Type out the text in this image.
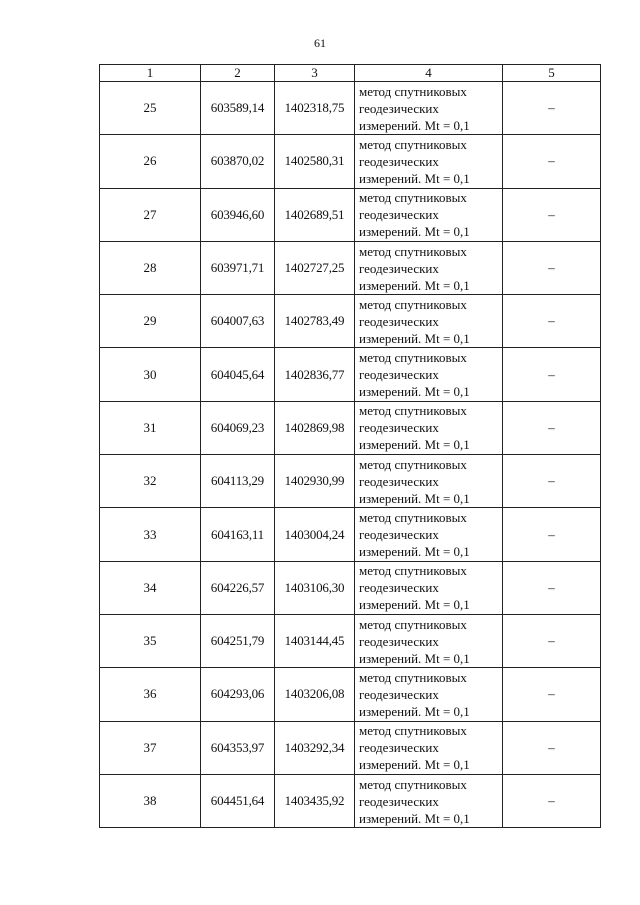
61
1	2	3	4	5
25	603589,14	1402318,75	метод спутниковых
геодезических
измерений. Mt = 0,1	–
26	603870,02	1402580,31	метод спутниковых
геодезических
измерений. Mt = 0,1	–
27	603946,60	1402689,51	метод спутниковых
геодезических
измерений. Mt = 0,1	–
28	603971,71	1402727,25	метод спутниковых
геодезических
измерений. Mt = 0,1	–
29	604007,63	1402783,49	метод спутниковых
геодезических
измерений. Mt = 0,1	–
30	604045,64	1402836,77	метод спутниковых
геодезических
измерений. Mt = 0,1	–
31	604069,23	1402869,98	метод спутниковых
геодезических
измерений. Mt = 0,1	–
32	604113,29	1402930,99	метод спутниковых
геодезических
измерений. Mt = 0,1	–
33	604163,11	1403004,24	метод спутниковых
геодезических
измерений. Mt = 0,1	–
34	604226,57	1403106,30	метод спутниковых
геодезических
измерений. Mt = 0,1	–
35	604251,79	1403144,45	метод спутниковых
геодезических
измерений. Mt = 0,1	–
36	604293,06	1403206,08	метод спутниковых
геодезических
измерений. Mt = 0,1	–
37	604353,97	1403292,34	метод спутниковых
геодезических
измерений. Mt = 0,1	–
38	604451,64	1403435,92	метод спутниковых
геодезических
измерений. Mt = 0,1	–
